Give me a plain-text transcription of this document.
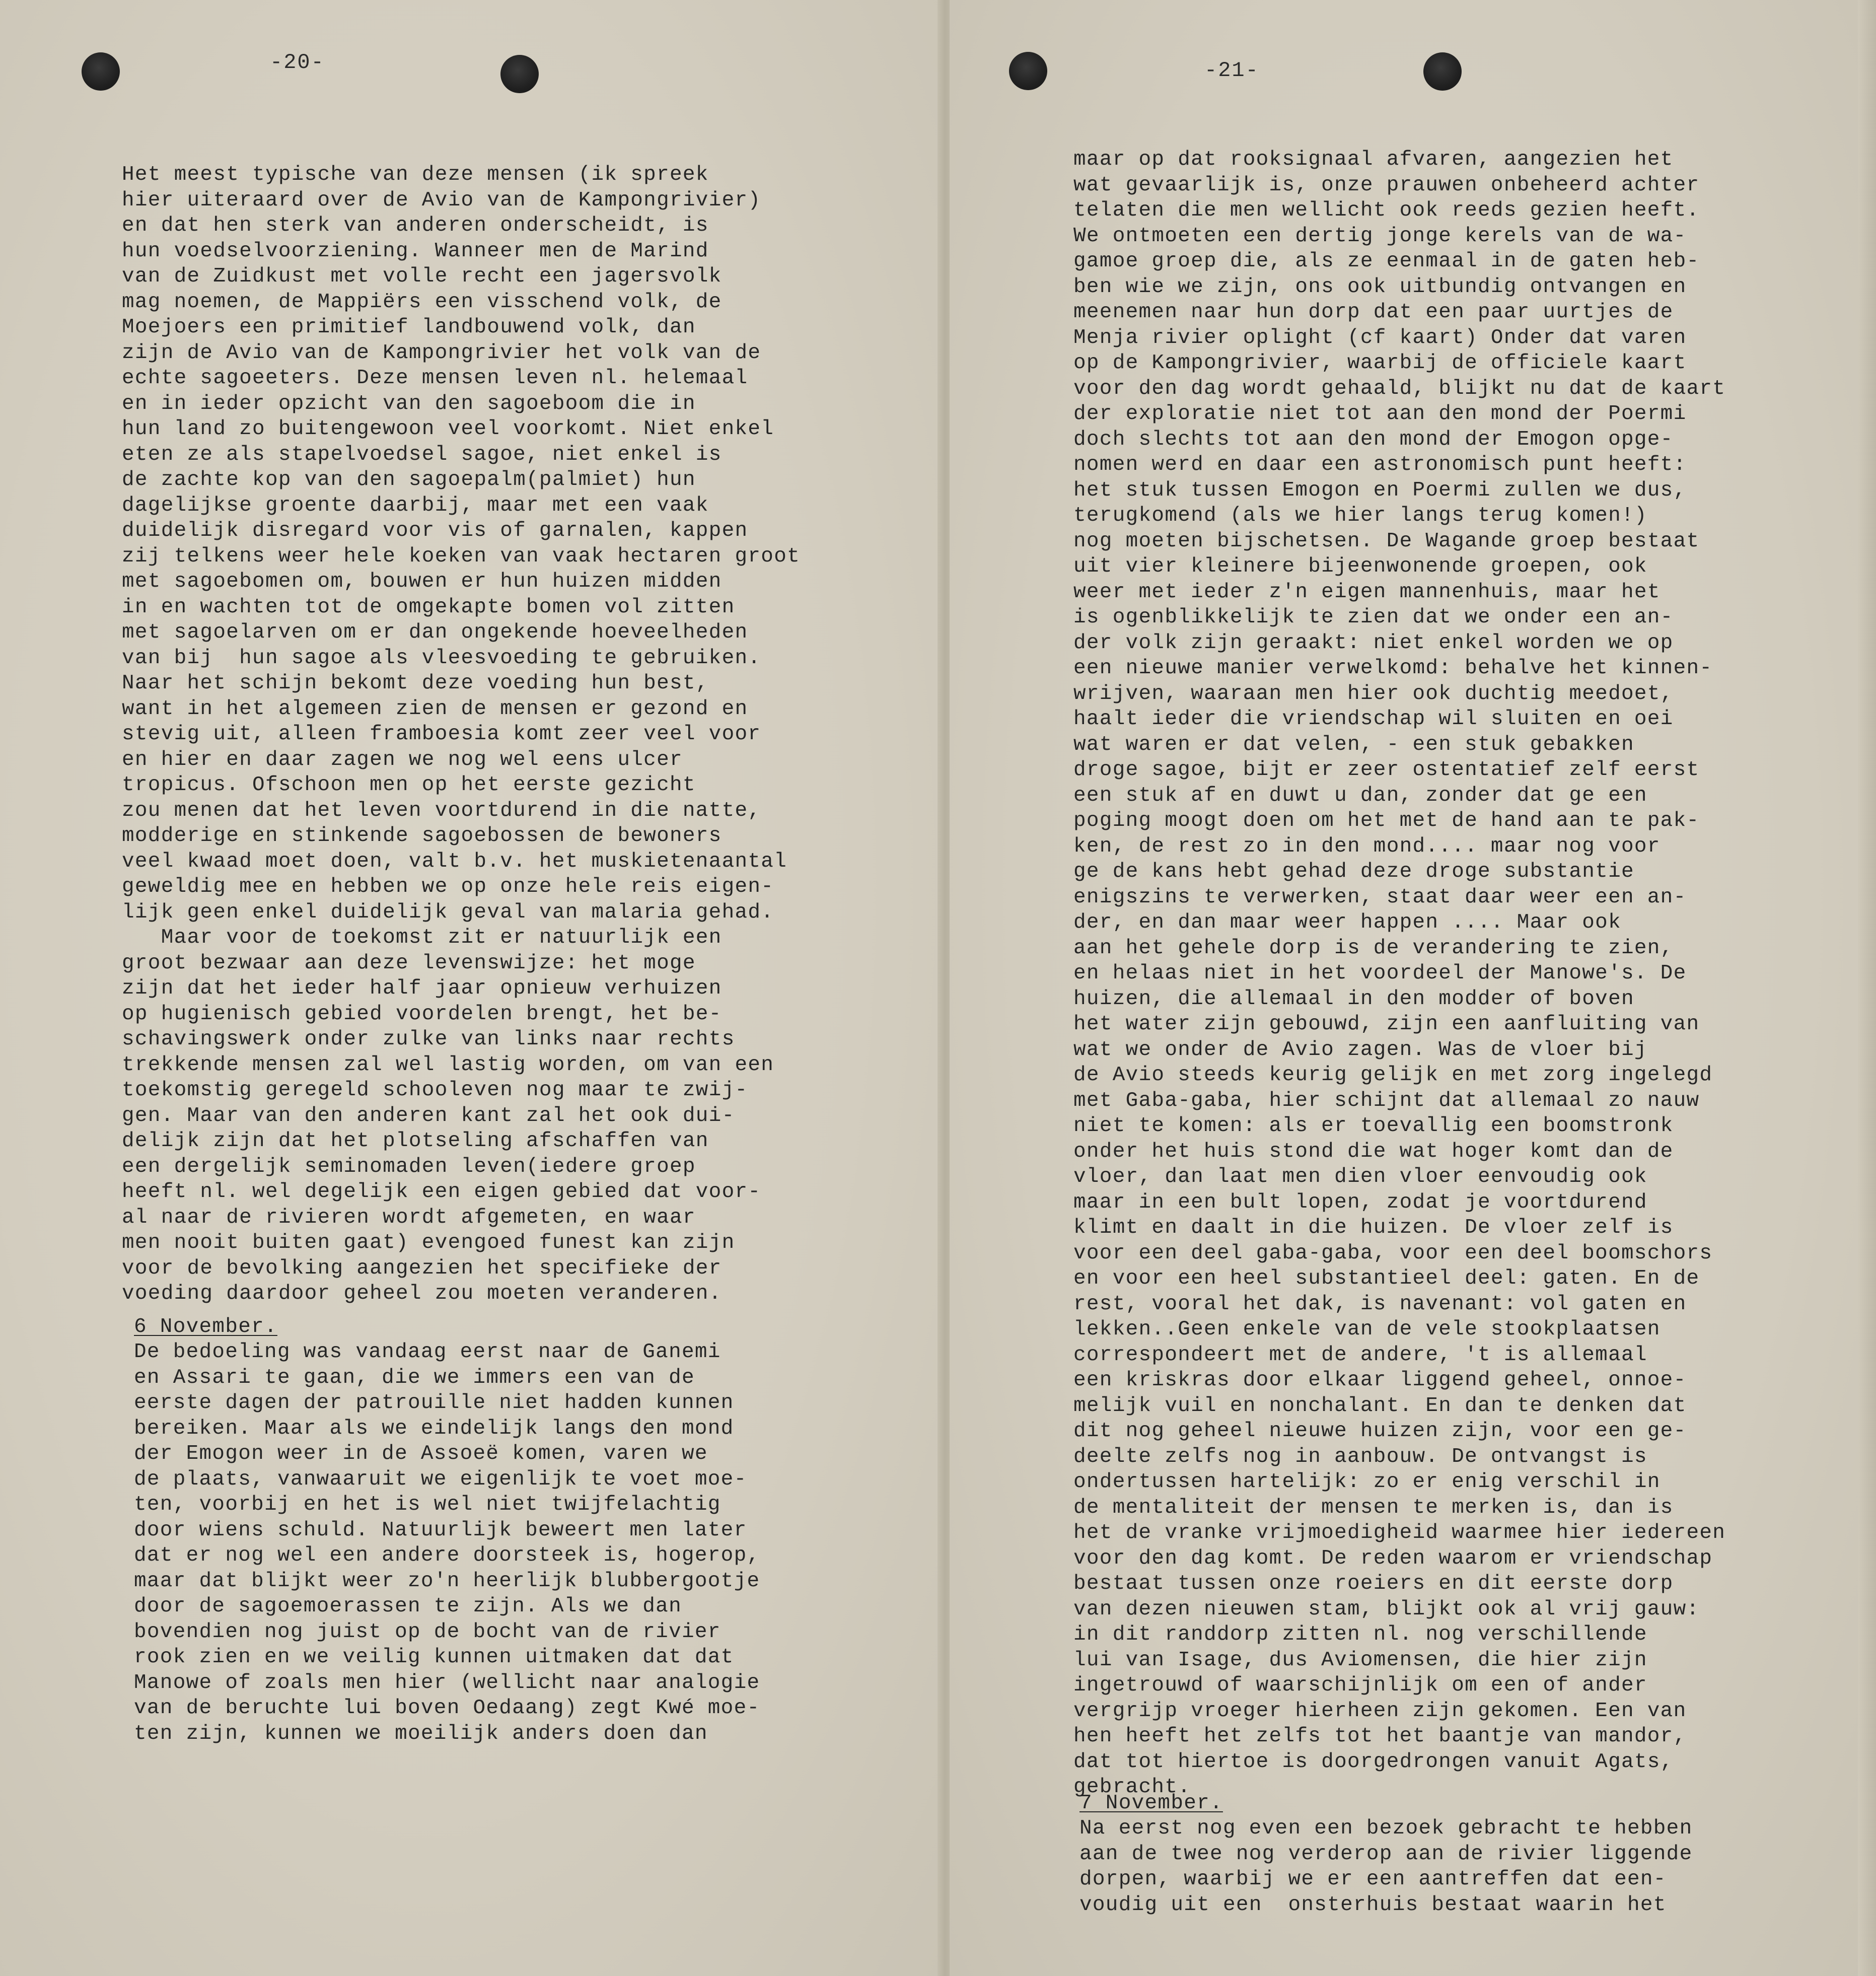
-20-

Het meest typische van deze mensen (ik spreek
hier uiteraard over de Avio van de Kampongrivier)
en dat hen sterk van anderen onderscheidt, is
hun voedselvoorziening. Wanneer men de Marind
van de Zuidkust met volle recht een jagersvolk
mag noemen, de Mappiërs een visschend volk, de
Moejoers een primitief landbouwend volk, dan
zijn de Avio van de Kampongrivier het volk van de
echte sagoeeters. Deze mensen leven nl. helemaal
en in ieder opzicht van den sagoeboom die in
hun land zo buitengewoon veel voorkomt. Niet enkel
eten ze als stapelvoedsel sagoe, niet enkel is
de zachte kop van den sagoepalm(palmiet) hun
dagelijkse groente daarbij, maar met een vaak
duidelijk disregard voor vis of garnalen, kappen
zij telkens weer hele koeken van vaak hectaren groot
met sagoebomen om, bouwen er hun huizen midden
in en wachten tot de omgekapte bomen vol zitten
met sagoelarven om er dan ongekende hoeveelheden
van bij  hun sagoe als vleesvoeding te gebruiken.
Naar het schijn bekomt deze voeding hun best,
want in het algemeen zien de mensen er gezond en
stevig uit, alleen framboesia komt zeer veel voor
en hier en daar zagen we nog wel eens ulcer
tropicus. Ofschoon men op het eerste gezicht
zou menen dat het leven voortdurend in die natte,
modderige en stinkende sagoebossen de bewoners
veel kwaad moet doen, valt b.v. het muskietenaantal
geweldig mee en hebben we op onze hele reis eigen-
lijk geen enkel duidelijk geval van malaria gehad.
Maar voor de toekomst zit er natuurlijk een
groot bezwaar aan deze levenswijze: het moge
zijn dat het ieder half jaar opnieuw verhuizen
op hugienisch gebied voordelen brengt, het be-
schavingswerk onder zulke van links naar rechts
trekkende mensen zal wel lastig worden, om van een
toekomstig geregeld schooleven nog maar te zwij-
gen. Maar van den anderen kant zal het ook dui-
delijk zijn dat het plotseling afschaffen van
een dergelijk seminomaden leven(iedere groep
heeft nl. wel degelijk een eigen gebied dat voor-
al naar de rivieren wordt afgemeten, en waar
men nooit buiten gaat) evengoed funest kan zijn
voor de bevolking aangezien het specifieke der
voeding daardoor geheel zou moeten veranderen.

6 November.

De bedoeling was vandaag eerst naar de Ganemi
en Assari te gaan, die we immers een van de
eerste dagen der patrouille niet hadden kunnen
bereiken. Maar als we eindelijk langs den mond
der Emogon weer in de Assoeë komen, varen we
de plaats, vanwaaruit we eigenlijk te voet moe-
ten, voorbij en het is wel niet twijfelachtig
door wiens schuld. Natuurlijk beweert men later
dat er nog wel een andere doorsteek is, hogerop,
maar dat blijkt weer zo'n heerlijk blubbergootje
door de sagoemoerassen te zijn. Als we dan
bovendien nog juist op de bocht van de rivier
rook zien en we veilig kunnen uitmaken dat dat
Manowe of zoals men hier (wellicht naar analogie
van de beruchte lui boven Oedaang) zegt Kwé moe-
ten zijn, kunnen we moeilijk anders doen dan

-21-

maar op dat rooksignaal afvaren, aangezien het
wat gevaarlijk is, onze prauwen onbeheerd achter
telaten die men wellicht ook reeds gezien heeft.
We ontmoeten een dertig jonge kerels van de wa-
gamoe groep die, als ze eenmaal in de gaten heb-
ben wie we zijn, ons ook uitbundig ontvangen en
meenemen naar hun dorp dat een paar uurtjes de
Menja rivier oplight (cf kaart) Onder dat varen
op de Kampongrivier, waarbij de officiele kaart
voor den dag wordt gehaald, blijkt nu dat de kaart
der exploratie niet tot aan den mond der Poermi
doch slechts tot aan den mond der Emogon opge-
nomen werd en daar een astronomisch punt heeft:
het stuk tussen Emogon en Poermi zullen we dus,
terugkomend (als we hier langs terug komen!)
nog moeten bijschetsen. De Wagande groep bestaat
uit vier kleinere bijeenwonende groepen, ook
weer met ieder z'n eigen mannenhuis, maar het
is ogenblikkelijk te zien dat we onder een an-
der volk zijn geraakt: niet enkel worden we op
een nieuwe manier verwelkomd: behalve het kinnen-
wrijven, waaraan men hier ook duchtig meedoet,
haalt ieder die vriendschap wil sluiten en oei
wat waren er dat velen, - een stuk gebakken
droge sagoe, bijt er zeer ostentatief zelf eerst
een stuk af en duwt u dan, zonder dat ge een
poging moogt doen om het met de hand aan te pak-
ken, de rest zo in den mond.... maar nog voor
ge de kans hebt gehad deze droge substantie
enigszins te verwerken, staat daar weer een an-
der, en dan maar weer happen .... Maar ook
aan het gehele dorp is de verandering te zien,
en helaas niet in het voordeel der Manowe's. De
huizen, die allemaal in den modder of boven
het water zijn gebouwd, zijn een aanfluiting van
wat we onder de Avio zagen. Was de vloer bij
de Avio steeds keurig gelijk en met zorg ingelegd
met Gaba-gaba, hier schijnt dat allemaal zo nauw
niet te komen: als er toevallig een boomstronk
onder het huis stond die wat hoger komt dan de
vloer, dan laat men dien vloer eenvoudig ook
maar in een bult lopen, zodat je voortdurend
klimt en daalt in die huizen. De vloer zelf is
voor een deel gaba-gaba, voor een deel boomschors
en voor een heel substantieel deel: gaten. En de
rest, vooral het dak, is navenant: vol gaten en
lekken..Geen enkele van de vele stookplaatsen
correspondeert met de andere, 't is allemaal
een kriskras door elkaar liggend geheel, onnoe-
melijk vuil en nonchalant. En dan te denken dat
dit nog geheel nieuwe huizen zijn, voor een ge-
deelte zelfs nog in aanbouw. De ontvangst is
ondertussen hartelijk: zo er enig verschil in
de mentaliteit der mensen te merken is, dan is
het de vranke vrijmoedigheid waarmee hier iedereen
voor den dag komt. De reden waarom er vriendschap
bestaat tussen onze roeiers en dit eerste dorp
van dezen nieuwen stam, blijkt ook al vrij gauw:
in dit randdorp zitten nl. nog verschillende
lui van Isage, dus Aviomensen, die hier zijn
ingetrouwd of waarschijnlijk om een of ander
vergrijp vroeger hierheen zijn gekomen. Een van
hen heeft het zelfs tot het baantje van mandor,
dat tot hiertoe is doorgedrongen vanuit Agats,
gebracht.

7 November.

Na eerst nog even een bezoek gebracht te hebben
aan de twee nog verderop aan de rivier liggende
dorpen, waarbij we er een aantreffen dat een-
voudig uit een  onsterhuis bestaat waarin het
